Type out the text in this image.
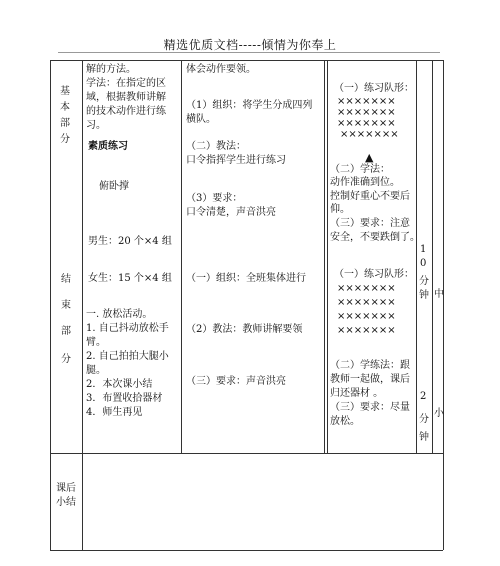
精选优质文档-----倾情为你奉上
基
本
部
分
结
束
部
分
课后
小结
解的方法。
学法：在指定的区
域，根据教师讲解
的技术动作进行练
习。
素质练习
俯卧撑
男生：20 个×4 组
女生：15 个×4 组
一. 放松活动。
1. 自己抖动放松手
臂。
2. 自己拍拍大腿小
腿。
2．本次课小结
3．布置收拾器材
4．师生再见
体会动作要领。
（1）组织：将学生分成四列
横队。
（二）教法：
口令指挥学生进行练习
（3）要求：
口令清楚，声音洪亮
（一）组织：全班集体进行
（2）教法：教师讲解要领
（三）要求：声音洪亮
（一）练习队形：
×××××××
×××××××
×××××××
×××××××
▲
（二）学法：
动作准确到位。
控制好重心不要后
仰。
（三）要求：注意
安全，不要跌倒了。
（一）练习队形：
×××××××
×××××××
×××××××
×××××××
（二）学练法：跟
教师一起做，课后
归还器材 。
（三）要求：尽量
放松。
1
0
分
钟
2
分
钟
中
小
